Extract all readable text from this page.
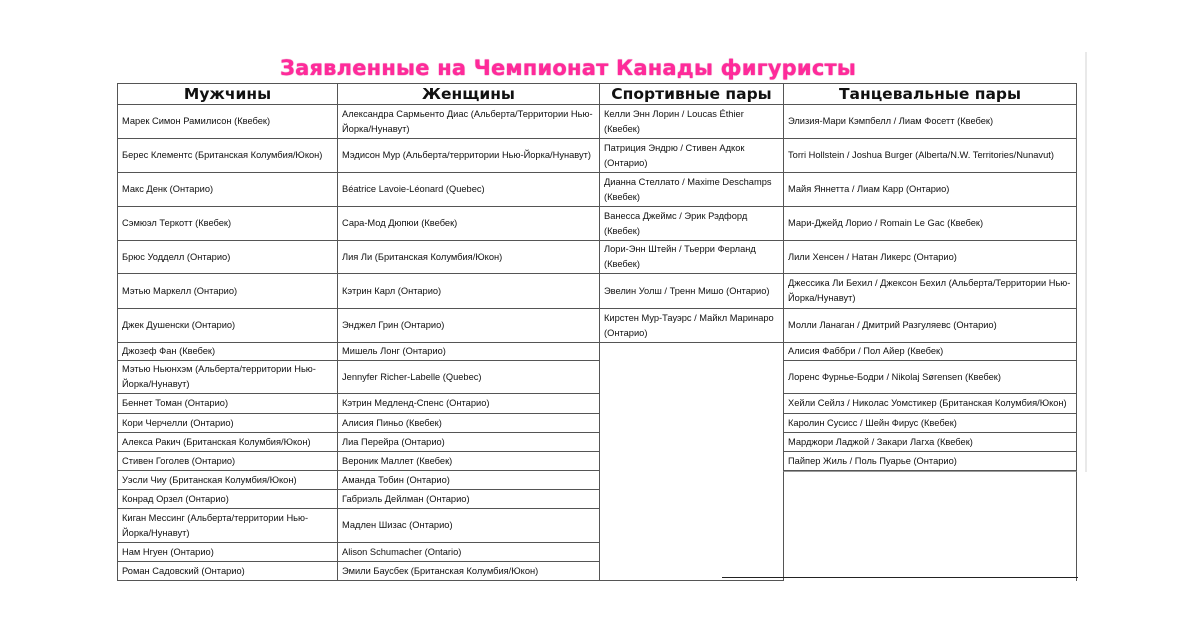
Заявленные на Чемпионат Канады фигуристы
Мужчины
Марек Симон Рамилисон (Квебек)
Берес Клементс (Британская Колумбия/Юкон)
Макс Денк (Онтарио)
Сэмюэл Теркотт (Квебек)
Брюс Уодделл (Онтарио)
Мэтью Маркелл (Онтарио)
Джек Душенски (Онтарио)
Джозеф Фан (Квебек)
Мэтью Ньюнхэм (Альберта/территории Нью-Йорка/Нунавут)
Беннет Томан (Онтарио)
Кори Черчелли (Онтарио)
Алекса Ракич (Британская Колумбия/Юкон)
Стивен Гоголев (Онтарио)
Уэсли Чиу (Британская Колумбия/Юкон)
Конрад Орзел (Онтарио)
Киган Мессинг (Альберта/территории Нью-Йорка/Нунавут)
Нам Нгуен (Онтарио)
Роман Садовский (Онтарио)
Женщины
Александра Сармьенто Диас (Альберта/Территории Нью-Йорка/Нунавут)
Мэдисон Мур (Альберта/территории Нью-Йорка/Нунавут)
Béatrice Lavoie-Léonard (Quebec)
Сара-Мод Дюпюи (Квебек)
Лия Ли (Британская Колумбия/Юкон)
Кэтрин Карл (Онтарио)
Энджел Грин (Онтарио)
Мишель Лонг (Онтарио)
Jennyfer Richer-Labelle (Quebec)
Кэтрин Медленд-Спенс (Онтарио)
Алисия Пиньо (Квебек)
Лиа Перейра (Онтарио)
Вероник Маллет (Квебек)
Аманда Тобин (Онтарио)
Габриэль Дейлман (Онтарио)
Мадлен Шизас (Онтарио)
Alison Schumacher (Ontario)
Эмили Баусбек (Британская Колумбия/Юкон)
Спортивные пары
Келли Энн Лорин / Loucas Éthier (Квебек)
Патриция Эндрю / Стивен Адкок (Онтарио)
Дианна Стеллато / Maxime Deschamps (Квебек)
Ванесса Джеймс / Эрик Рэдфорд (Квебек)
Лори-Энн Штейн / Тьерри Ферланд (Квебек)
Эвелин Уолш / Тренн Мишо (Онтарио)
Кирстен Мур-Тауэрс / Майкл Маринаро (Онтарио)
Танцевальные пары
Элизия-Мари Кэмпбелл / Лиам Фосетт (Квебек)
Torri Hollstein / Joshua Burger (Alberta/N.W. Territories/Nunavut)
Майя Яннетта / Лиам Карр (Онтарио)
Мари-Джейд Лорио / Romain Le Gac (Квебек)
Лили Хенсен / Натан Ликерс (Онтарио)
Джессика Ли Бехил / Джексон Бехил (Альберта/Территории Нью-Йорка/Нунавут)
Молли Ланаган / Дмитрий Разгуляевс (Онтарио)
Алисия Фаббри / Пол Айер (Квебек)
Лоренс Фурнье-Бодри / Nikolaj Sørensen (Квебек)
Хейли Сейлз / Николас Уомстикер (Британская Колумбия/Юкон)
Каролин Сусисс / Шейн Фирус (Квебек)
Марджори Ладжой / Закари Лагха (Квебек)
Пайпер Жиль / Поль Пуарье (Онтарио)
